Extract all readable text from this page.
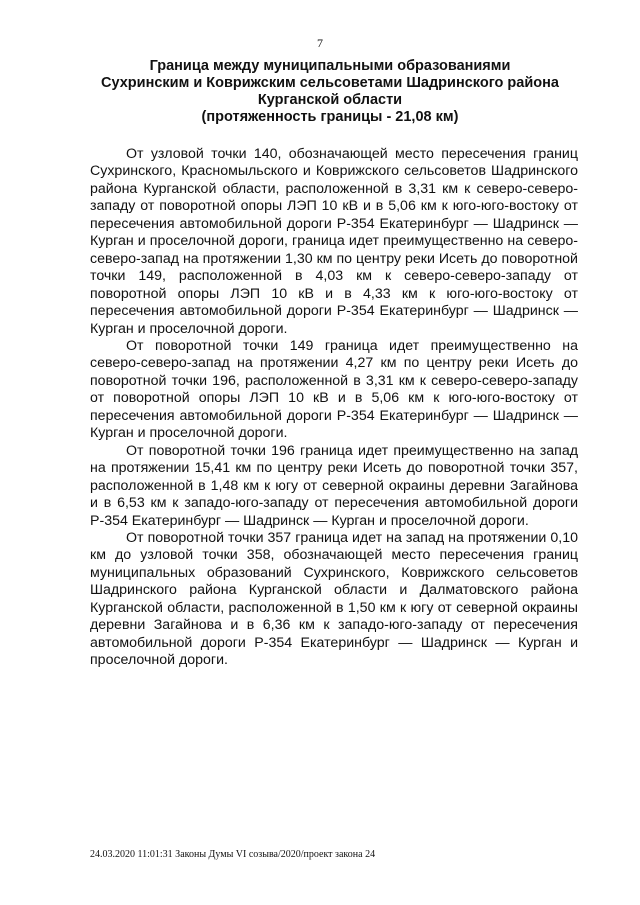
7
Граница между муниципальными образованиями
Сухринским и Коврижским сельсоветами Шадринского района
Курганской области
(протяженность границы - 21,08 км)

От узловой точки 140, обозначающей место пересечения границ Сухринского, Красномыльского и Коврижского сельсоветов Шадринского района Курганской области, расположенной в 3,31 км к северо-северо-западу от поворотной опоры ЛЭП 10 кВ и в 5,06 км к юго-юго-востоку от пересечения автомобильной дороги Р-354 Екатеринбург — Шадринск — Курган и проселочной дороги, граница идет преимущественно на северо-северо-запад на протяжении 1,30 км по центру реки Исеть до поворотной точки 149, расположенной в 4,03 км к северо-северо-западу от поворотной опоры ЛЭП 10 кВ и в 4,33 км к юго-юго-востоку от пересечения автомобильной дороги Р-354 Екатеринбург — Шадринск — Курган и проселочной дороги.

От поворотной точки 149 граница идет преимущественно на северо-северо-запад на протяжении 4,27 км по центру реки Исеть до поворотной точки 196, расположенной в 3,31 км к северо-северо-западу от поворотной опоры ЛЭП 10 кВ и в 5,06 км к юго-юго-востоку от пересечения автомобильной дороги Р-354 Екатеринбург — Шадринск — Курган и проселочной дороги.

От поворотной точки 196 граница идет преимущественно на запад на протяжении 15,41 км по центру реки Исеть до поворотной точки 357, расположенной в 1,48 км к югу от северной окраины деревни Загайнова и в 6,53 км к западо-юго-западу от пересечения автомобильной дороги Р-354 Екатеринбург — Шадринск — Курган и проселочной дороги.

От поворотной точки 357 граница идет на запад на протяжении 0,10 км до узловой точки 358, обозначающей место пересечения границ муниципальных образований Сухринского, Коврижского сельсоветов Шадринского района Курганской области и Далматовского района Курганской области, расположенной в 1,50 км к югу от северной окраины деревни Загайнова и в 6,36 км к западо-юго-западу от пересечения автомобильной дороги Р-354 Екатеринбург — Шадринск — Курган и проселочной дороги.

24.03.2020 11:01:31 Законы Думы VI созыва/2020/проект закона 24
